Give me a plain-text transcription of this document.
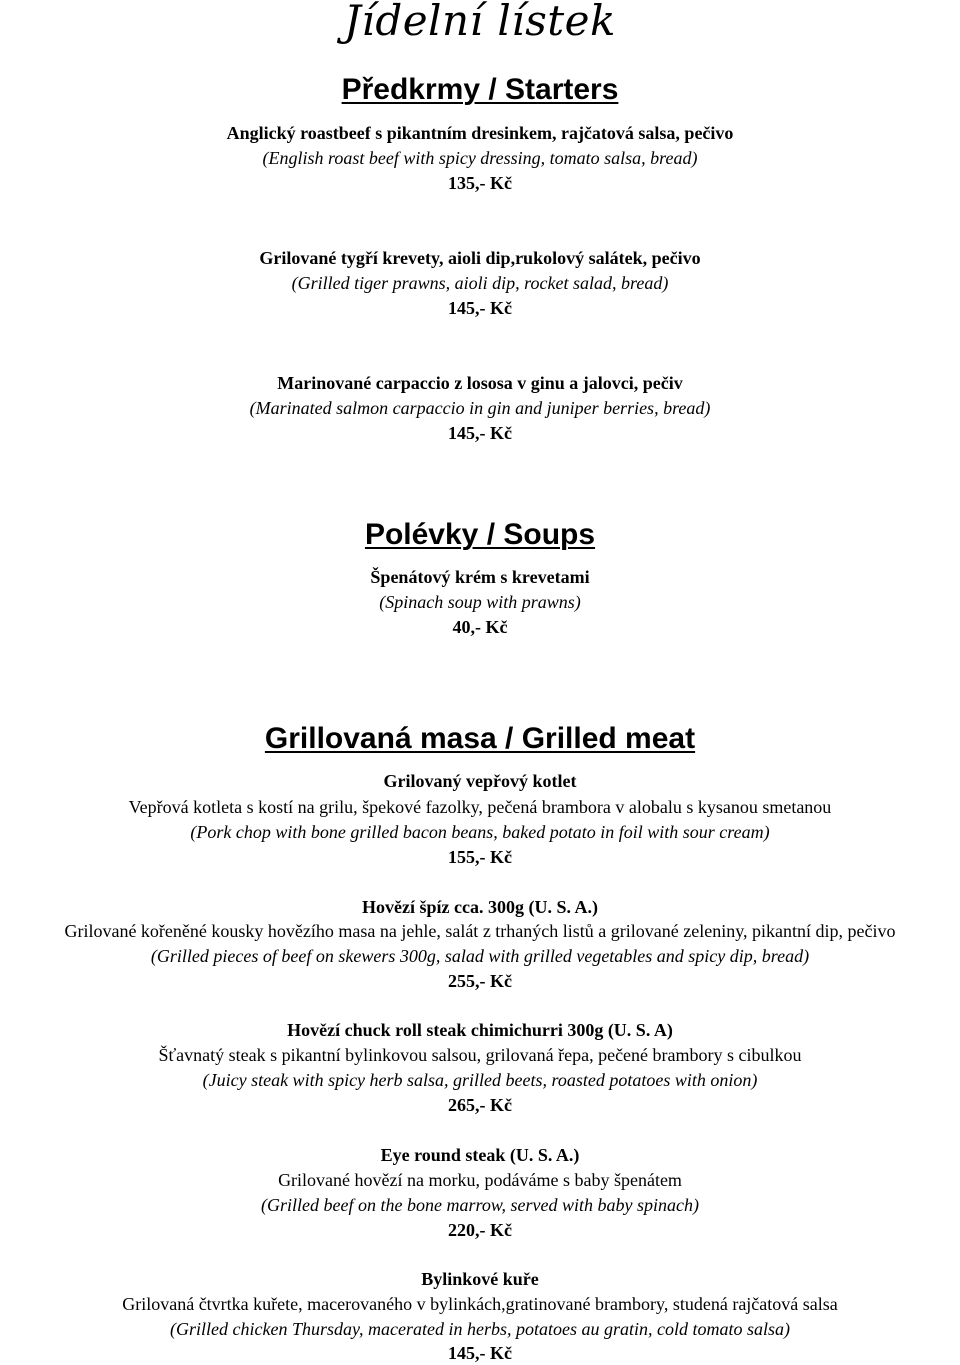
Jídelní lístek
Předkrmy / Starters
Anglický roastbeef s pikantním dresinkem, rajčatová salsa, pečivo
(English roast beef with spicy dressing, tomato salsa, bread)
135,- Kč
Grilované tygří krevety, aioli dip,rukolový salátek, pečivo
(Grilled tiger prawns, aioli dip, rocket salad, bread)
145,- Kč
Marinované carpaccio z lososa v ginu a jalovci, pečiv
(Marinated salmon carpaccio in gin and juniper berries, bread)
145,- Kč
Polévky / Soups
Špenátový krém s krevetami
(Spinach soup with prawns)
40,- Kč
Grillovaná masa / Grilled meat
Grilovaný vepřový kotlet
Vepřová kotleta s kostí na grilu, špekové fazolky, pečená brambora v alobalu s kysanou smetanou
(Pork chop with bone grilled bacon beans, baked potato in foil with sour cream)
155,- Kč
Hovězí špíz cca. 300g (U. S. A.)
Grilované kořeněné kousky hovězího masa na jehle, salát z trhaných listů a grilované zeleniny, pikantní dip, pečivo
(Grilled pieces of beef on skewers 300g, salad with grilled vegetables and spicy dip, bread)
255,- Kč
Hovězí chuck roll steak chimichurri 300g (U. S. A)
Šťavnatý steak s pikantní bylinkovou salsou, grilovaná řepa, pečené brambory s cibulkou
(Juicy steak with spicy herb salsa, grilled beets, roasted potatoes with onion)
265,- Kč
Eye round steak (U. S. A.)
Grilované hovězí na morku, podáváme s baby špenátem
(Grilled beef on the bone marrow, served with baby spinach)
220,- Kč
Bylinkové kuře
Grilovaná čtvrtka kuřete, macerovaného v bylinkách,gratinované brambory, studená rajčatová salsa
(Grilled chicken Thursday, macerated in herbs, potatoes au gratin, cold tomato salsa)
145,- Kč
